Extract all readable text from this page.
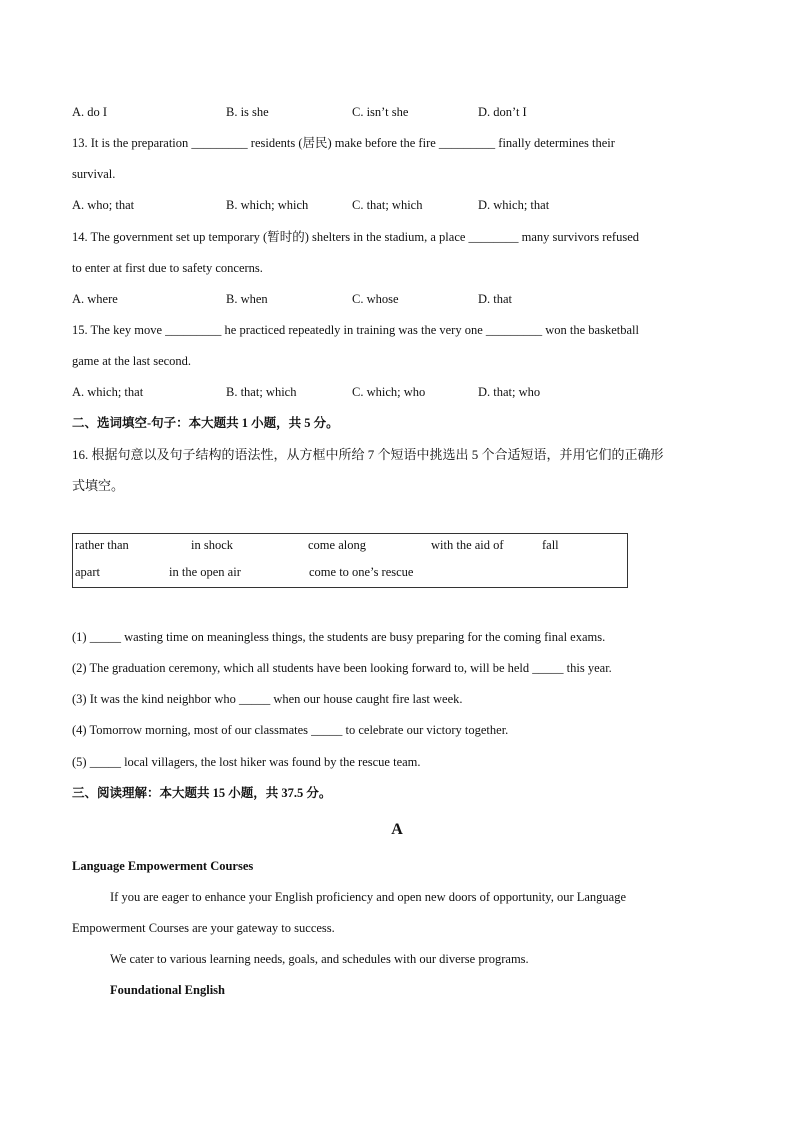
A. do I	B. is she	C. isn’t she	D. don’t I
13. It is the preparation _________ residents (居民) make before the fire _________ finally determines their
survival.
A. who; that	B. which; which	C. that; which	D. which; that
14. The government set up temporary (暂时的) shelters in the stadium, a place ________ many survivors refused
to enter at first due to safety concerns.
A. where	B. when	C. whose	D. that
15. The key move _________ he practiced repeatedly in training was the very one _________ won the basketball
game at the last second.
A. which; that	B. that; which	C. which; who	D. that; who
二、选词填空-句子：本大题共 1 小题，共 5 分。
16. 根据句意以及句子结构的语法性，从方框中所给 7 个短语中挑选出 5 个合适短语，并用它们的正确形
式填空。
rather than	in shock	come along	with the aid of	fall
apart	in the open air	come to one’s rescue
(1) _____ wasting time on meaningless things, the students are busy preparing for the coming final exams.
(2) The graduation ceremony, which all students have been looking forward to, will be held _____ this year.
(3) It was the kind neighbor who _____ when our house caught fire last week.
(4) Tomorrow morning, most of our classmates _____ to celebrate our victory together.
(5) _____ local villagers, the lost hiker was found by the rescue team.
三、阅读理解：本大题共 15 小题，共 37.5 分。
A
Language Empowerment Courses
If you are eager to enhance your English proficiency and open new doors of opportunity, our Language
Empowerment Courses are your gateway to success.
We cater to various learning needs, goals, and schedules with our diverse programs.
Foundational English
